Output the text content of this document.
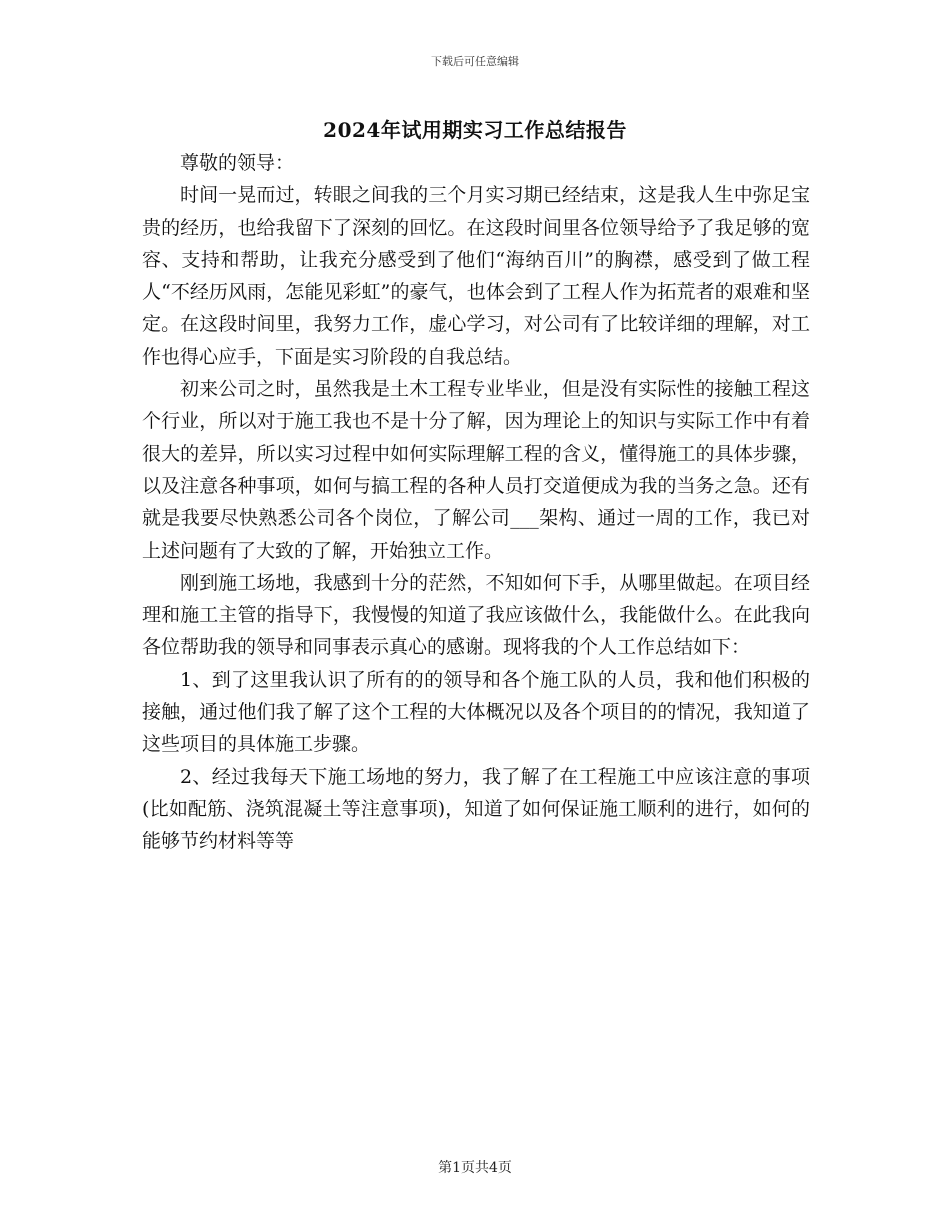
下载后可任意编辑
2024年试用期实习工作总结报告

尊敬的领导：

时间一晃而过，转眼之间我的三个月实习期已经结束，这是我人生中弥足宝贵的经历，也给我留下了深刻的回忆。在这段时间里各位领导给予了我足够的宽容、支持和帮助，让我充分感受到了他们“海纳百川”的胸襟，感受到了做工程人“不经历风雨，怎能见彩虹”的豪气，也体会到了工程人作为拓荒者的艰难和坚定。在这段时间里，我努力工作，虚心学习，对公司有了比较详细的理解，对工作也得心应手，下面是实习阶段的自我总结。

初来公司之时，虽然我是土木工程专业毕业，但是没有实际性的接触工程这个行业，所以对于施工我也不是十分了解，因为理论上的知识与实际工作中有着很大的差异，所以实习过程中如何实际理解工程的含义，懂得施工的具体步骤，以及注意各种事项，如何与搞工程的各种人员打交道便成为我的当务之急。还有就是我要尽快熟悉公司各个岗位，了解公司___架构、通过一周的工作，我已对上述问题有了大致的了解，开始独立工作。

刚到施工场地，我感到十分的茫然，不知如何下手，从哪里做起。在项目经理和施工主管的指导下，我慢慢的知道了我应该做什么，我能做什么。在此我向各位帮助我的领导和同事表示真心的感谢。现将我的个人工作总结如下：

1、到了这里我认识了所有的的领导和各个施工队的人员，我和他们积极的接触，通过他们我了解了这个工程的大体概况以及各个项目的的情况，我知道了这些项目的具体施工步骤。

2、经过我每天下施工场地的努力，我了解了在工程施工中应该注意的事项(比如配筋、浇筑混凝土等注意事项)，知道了如何保证施工顺利的进行，如何的能够节约材料等等

第1页共4页
